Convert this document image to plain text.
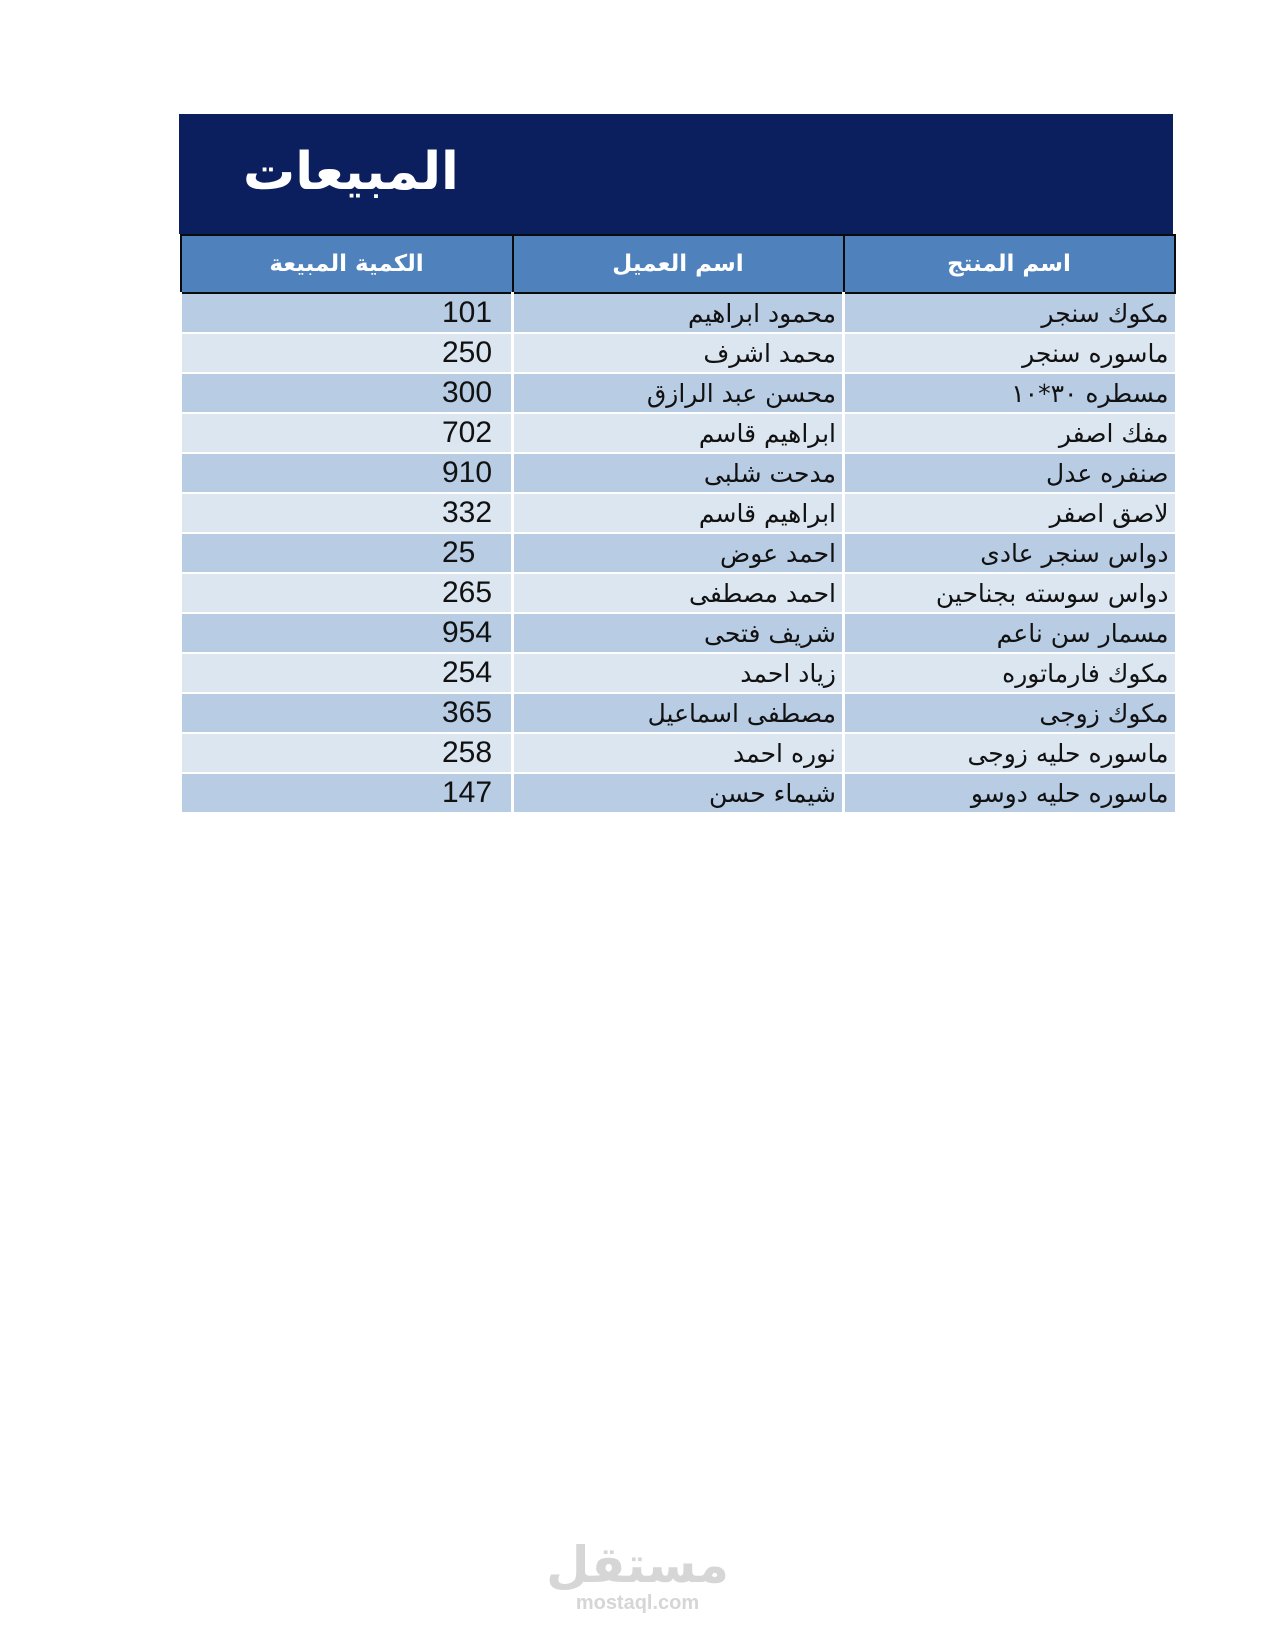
المبيعات
اسم المنتج	اسم العميل	الكمية المبيعة
مكوك سنجر	محمود ابراهيم	101
ماسوره سنجر	محمد اشرف	250
مسطره ٣٠*١٠	محسن عبد الرازق	300
مفك اصفر	ابراهيم قاسم	702
صنفره عدل	مدحت شلبى	910
لاصق اصفر	ابراهيم قاسم	332
دواس سنجر عادى	احمد عوض	25
دواس سوسته بجناحين	احمد مصطفى	265
مسمار سن ناعم	شريف فتحى	954
مكوك فارماتوره	زياد احمد	254
مكوك زوجى	مصطفى اسماعيل	365
ماسوره حليه زوجى	نوره احمد	258
ماسوره حليه دوسو	شيماء حسن	147
مستقل
mostaql.com
